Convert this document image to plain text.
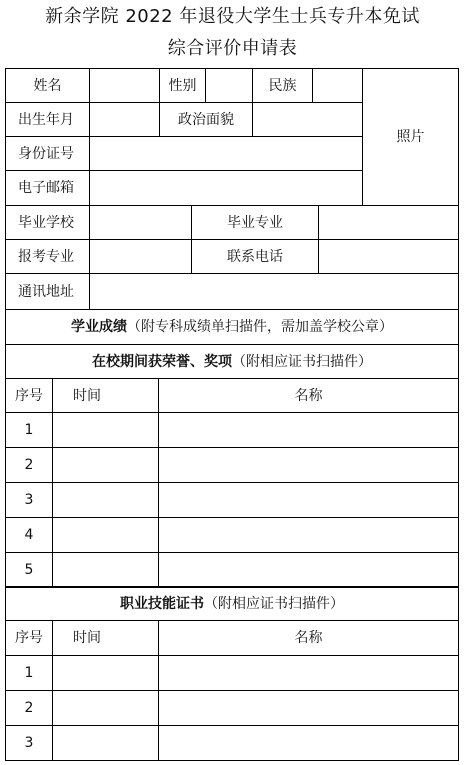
新余学院 2022 年退役大学生士兵专升本免试
综合评价申请表
姓名	性别	民族
照片
出生年月	政治面貌
身份证号
电子邮箱
毕业学校	毕业专业
报考专业	联系电话
通讯地址
学业成绩 （附专科成绩单扫描件，需加盖学校公章）
在校期间获荣誉、奖项 （附相应证书扫描件）
序号	时间	名称
1
2
3
4
5
职业技能证书 （附相应证书扫描件）
序号	时间	名称
1
2
3
